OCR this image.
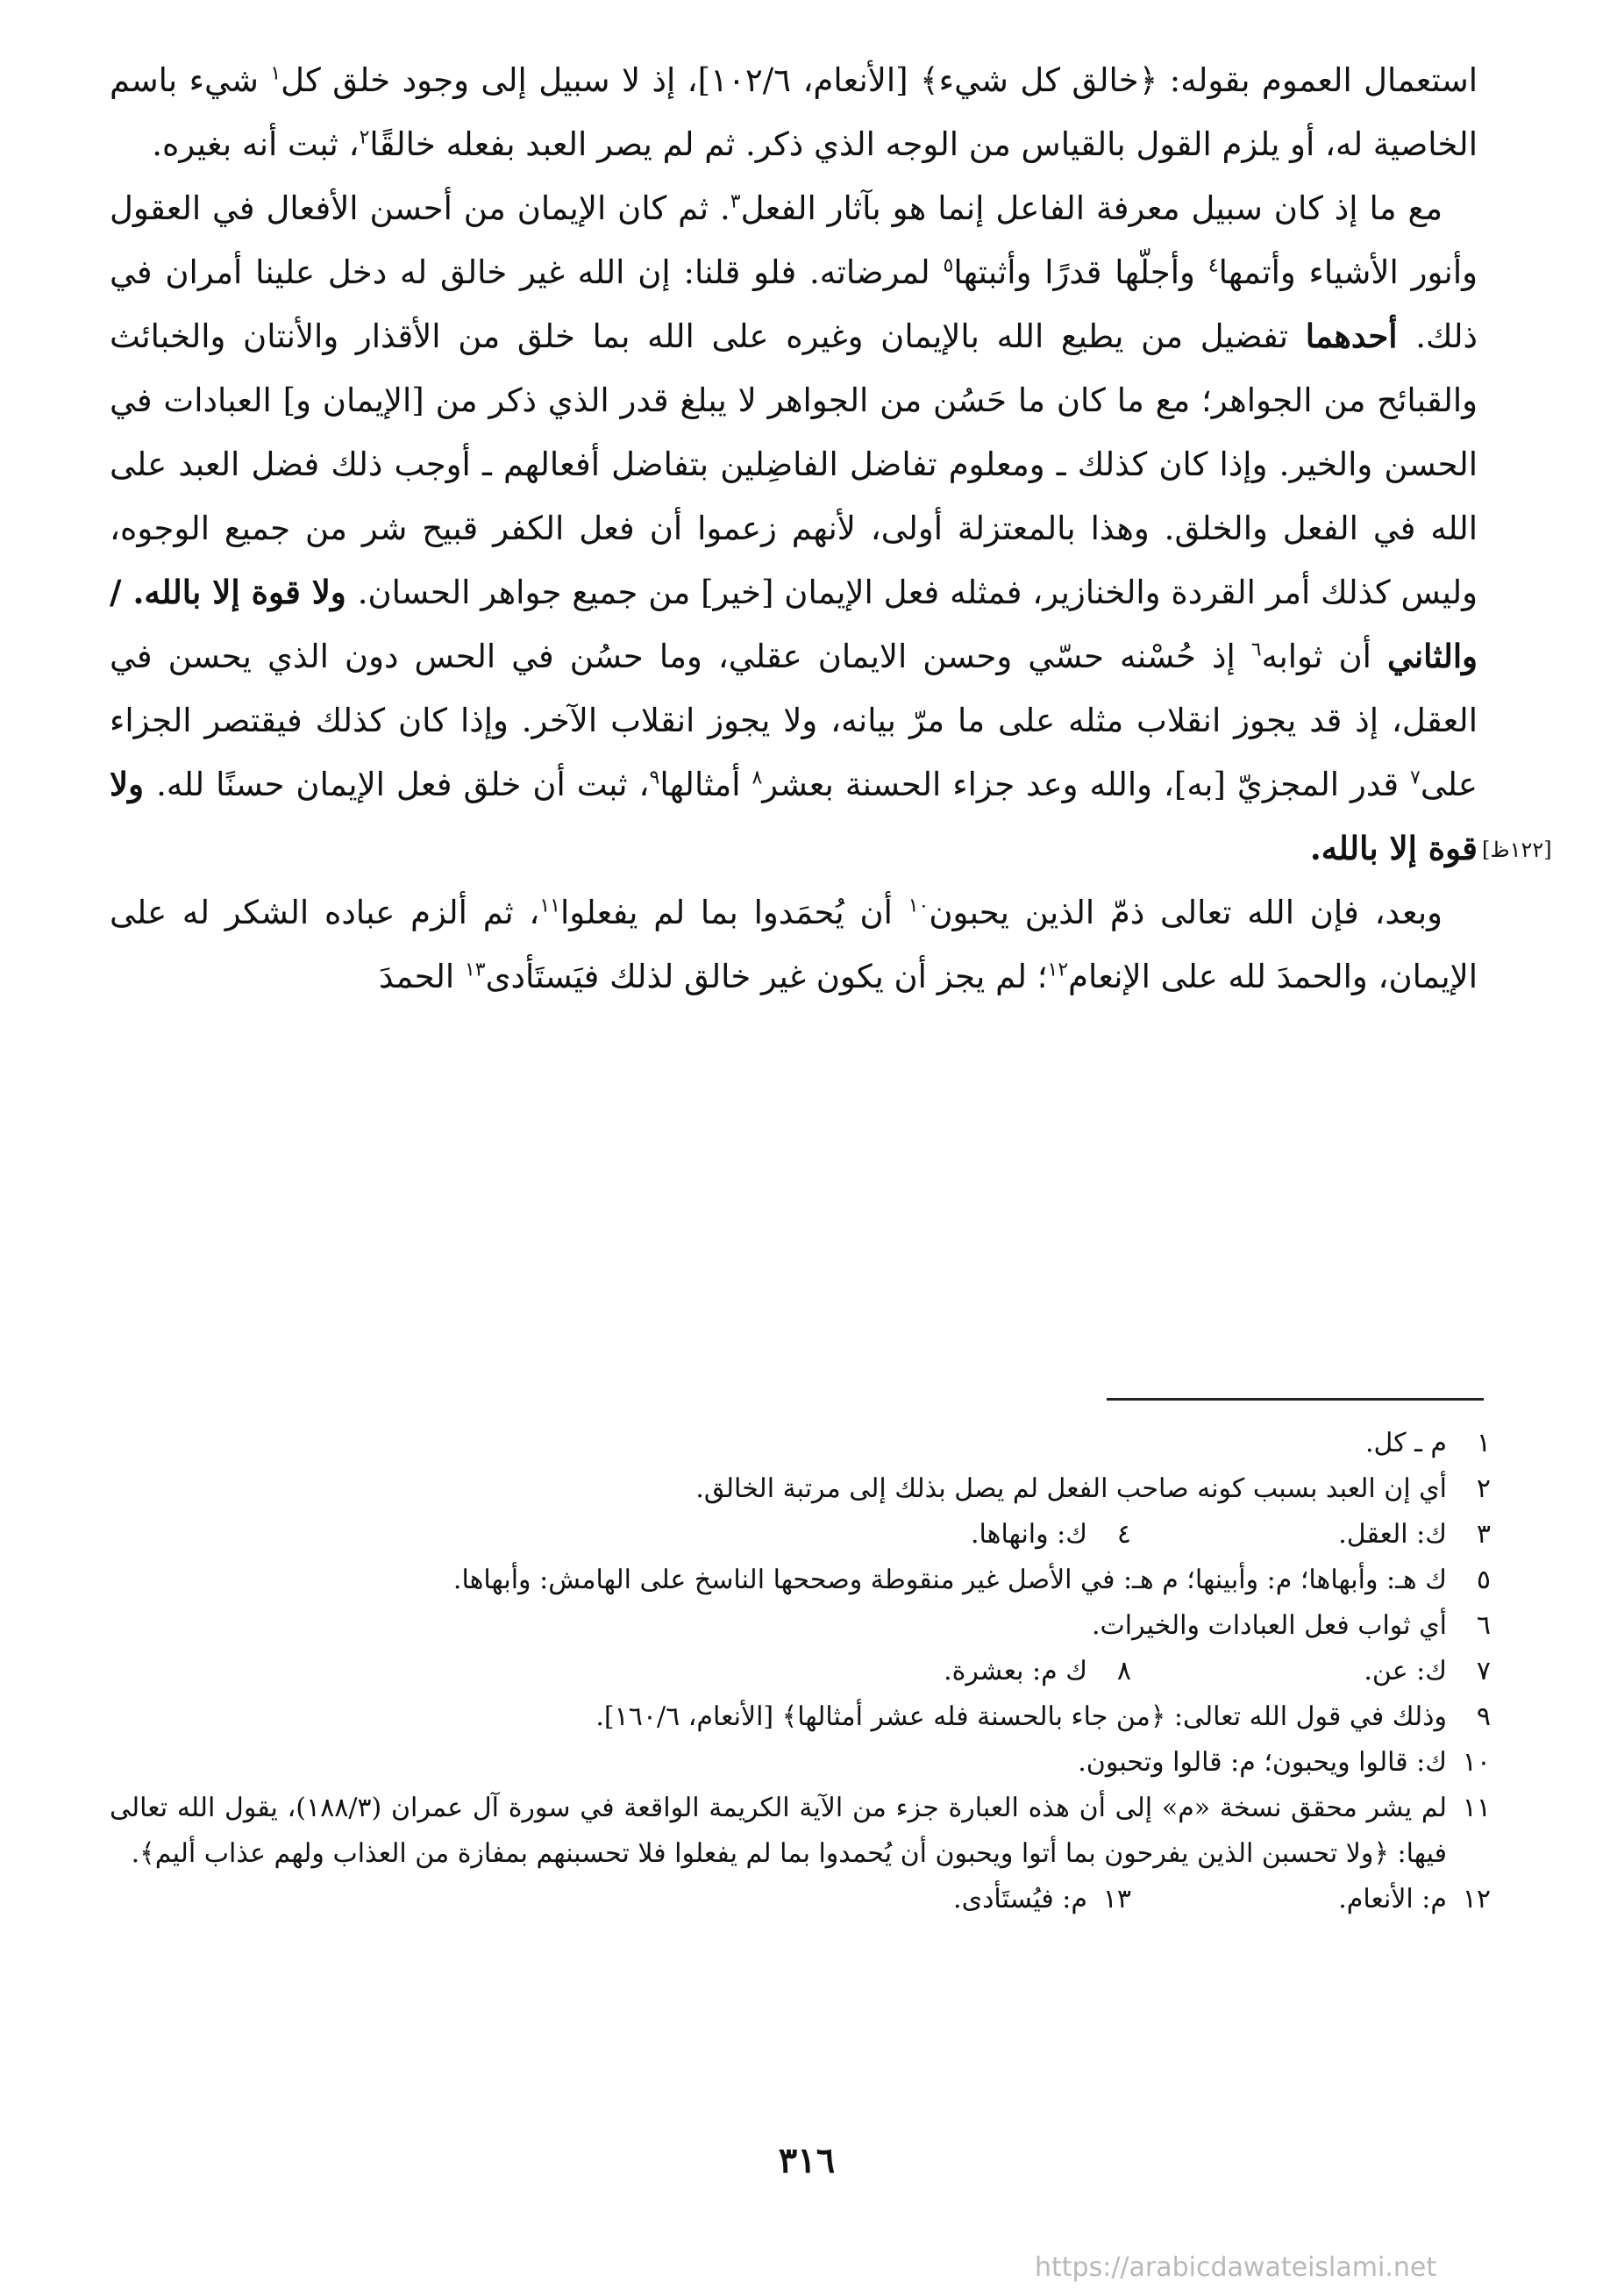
استعمال العموم بقوله: ﴿خالق كل شيء﴾ [الأنعام، ١٠٢/٦]، إذ لا سبيل إلى وجود خلق كل$^١$ شيء باسم الخاصية له، أو يلزم القول بالقياس من الوجه الذي ذكر. ثم لم يصر العبد بفعله خالقًا$^٢$، ثبت أنه بغيره.

مع ما إذ كان سبيل معرفة الفاعل إنما هو بآثار الفعل$^٣$. ثم كان الإيمان من أحسن الأفعال في العقول وأنور الأشياء وأتمها$^٤$ وأجلّها قدرًا وأثبتها$^٥$ لمرضاته. فلو قلنا: إن الله غير خالق له دخل علينا أمران في ذلك. أحدهما تفضيل من يطيع الله بالإيمان وغيره على الله بما خلق من الأقذار والأنتان والخبائث والقبائح من الجواهر؛ مع ما كان ما حَسُن من الجواهر لا يبلغ قدر الذي ذكر من [الإيمان و] العبادات في الحسن والخير. وإذا كان كذلك ـ ومعلوم تفاضل الفاضِلين بتفاضل أفعالهم ـ أوجب ذلك فضل العبد على الله في الفعل والخلق. وهذا بالمعتزلة أولى، لأنهم زعموا أن فعل الكفر قبيح شر من جميع الوجوه، وليس كذلك أمر القردة والخنازير، فمثله فعل الإيمان [خير] من جميع جواهر الحسان. ولا قوة إلا بالله. / والثاني أن ثوابه$^٦$ إذ حُسْنه حسّي وحسن الايمان عقلي، وما حسُن في الحس دون الذي يحسن في العقل، إذ قد يجوز انقلاب مثله على ما مرّ بيانه، ولا يجوز انقلاب الآخر. وإذا كان كذلك فيقتصر الجزاء على$^٧$ قدر المجزيّ [به]، والله وعد جزاء الحسنة بعشر$^٨$ أمثالها$^٩$، ثبت أن خلق فعل الإيمان حسنًا لله. ولا قوة إلا بالله.

وبعد، فإن الله تعالى ذمّ الذين يحبون$^{١٠}$ أن يُحمَدوا بما لم يفعلوا$^{١١}$، ثم ألزم عباده الشكر له على الإيمان، والحمدَ لله على الإنعام$^{١٢}$؛ لم يجز أن يكون غير خالق لذلك فيَستَأدى$^{١٣}$ الحمدَ

[١٢٢ظ]
١
م ـ كل.
٢
أي إن العبد بسبب كونه صاحب الفعل لم يصل بذلك إلى مرتبة الخالق.
٣
ك: العقل.
٤
ك: وانهاها.
٥
ك هـ: وأبهاها؛ م: وأبينها؛ م هـ: في الأصل غير منقوطة وصححها الناسخ على الهامش: وأبهاها.
٦
أي ثواب فعل العبادات والخيرات.
٧
ك: عن.
٨
ك م: بعشرة.
٩
وذلك في قول الله تعالى: ﴿من جاء بالحسنة فله عشر أمثالها﴾ [الأنعام، ١٦٠/٦].
١٠
ك: قالوا ويحبون؛ م: قالوا وتحبون.
١١
لم يشر محقق نسخة «م» إلى أن هذه العبارة جزء من الآية الكريمة الواقعة في سورة آل عمران (١٨٨/٣)، يقول الله تعالى فيها: ﴿ولا تحسبن الذين يفرحون بما أتوا ويحبون أن يُحمدوا بما لم يفعلوا فلا تحسبنهم بمفازة من العذاب ولهم عذاب أليم﴾.
١٢
م: الأنعام.
١٣
م: فيُستَأدى.
٣١٦
https://arabicdawateislami.net
